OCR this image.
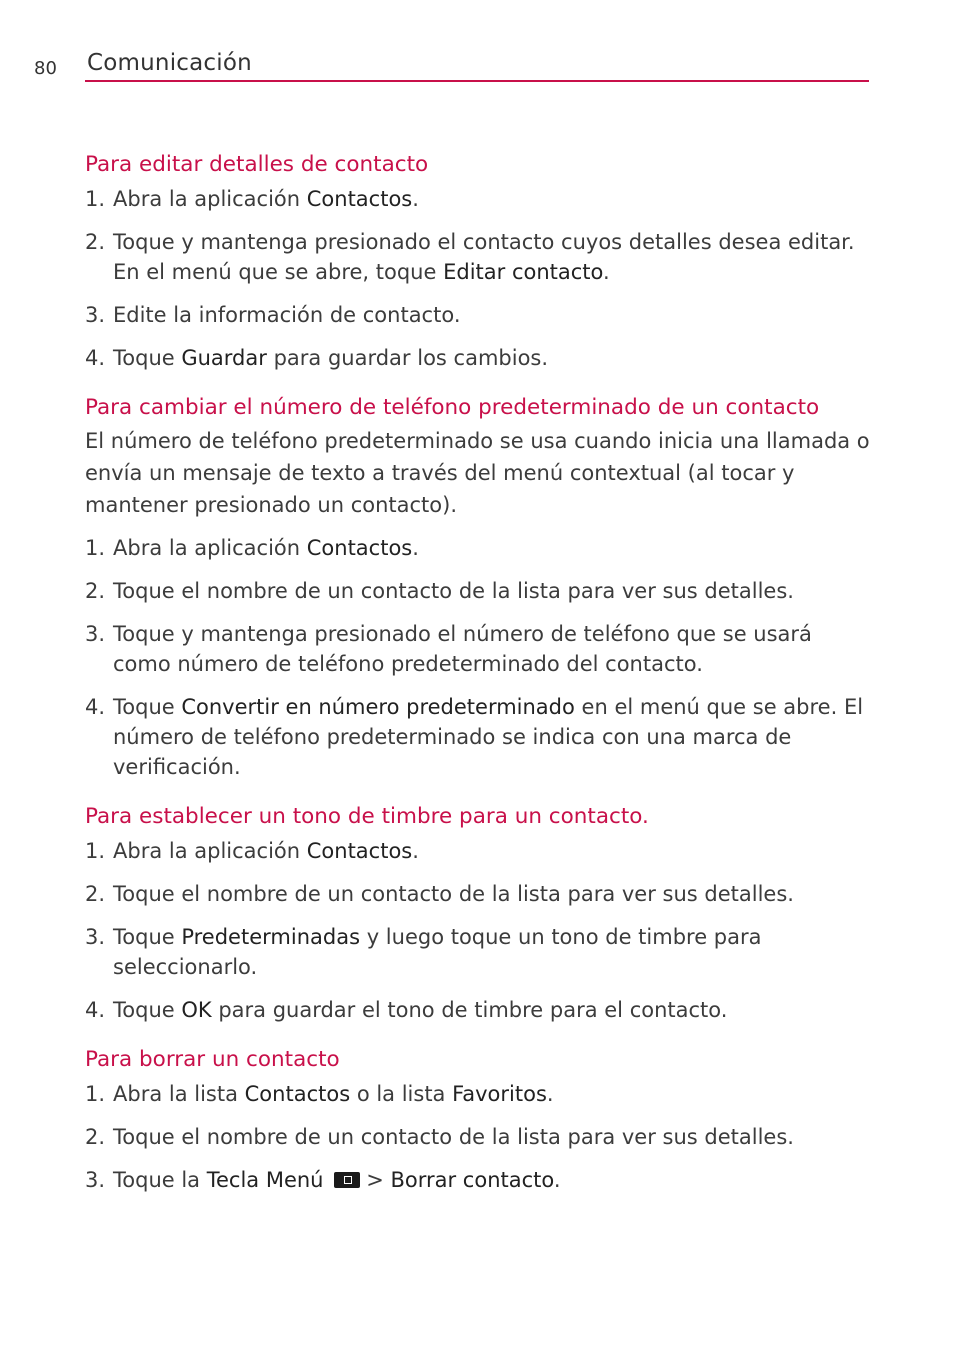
80 Comunicación
Para editar detalles de contacto
1. Abra la aplicación Contactos.
2. Toque y mantenga presionado el contacto cuyos detalles desea editar. En el menú que se abre, toque Editar contacto.
3. Edite la información de contacto.
4. Toque Guardar para guardar los cambios.
Para cambiar el número de teléfono predeterminado de un contacto

El número de teléfono predeterminado se usa cuando inicia una llamada o envía un mensaje de texto a través del menú contextual (al tocar y mantener presionado un contacto).

1. Abra la aplicación Contactos.
2. Toque el nombre de un contacto de la lista para ver sus detalles.
3. Toque y mantenga presionado el número de teléfono que se usará como número de teléfono predeterminado del contacto.
4. Toque Convertir en número predeterminado en el menú que se abre. El número de teléfono predeterminado se indica con una marca de verificación.
Para establecer un tono de timbre para un contacto.
1. Abra la aplicación Contactos.
2. Toque el nombre de un contacto de la lista para ver sus detalles.
3. Toque Predeterminadas y luego toque un tono de timbre para seleccionarlo.
4. Toque OK para guardar el tono de timbre para el contacto.
Para borrar un contacto
1. Abra la lista Contactos o la lista Favoritos.
2. Toque el nombre de un contacto de la lista para ver sus detalles.
3. Toque la Tecla Menú > Borrar contacto.
